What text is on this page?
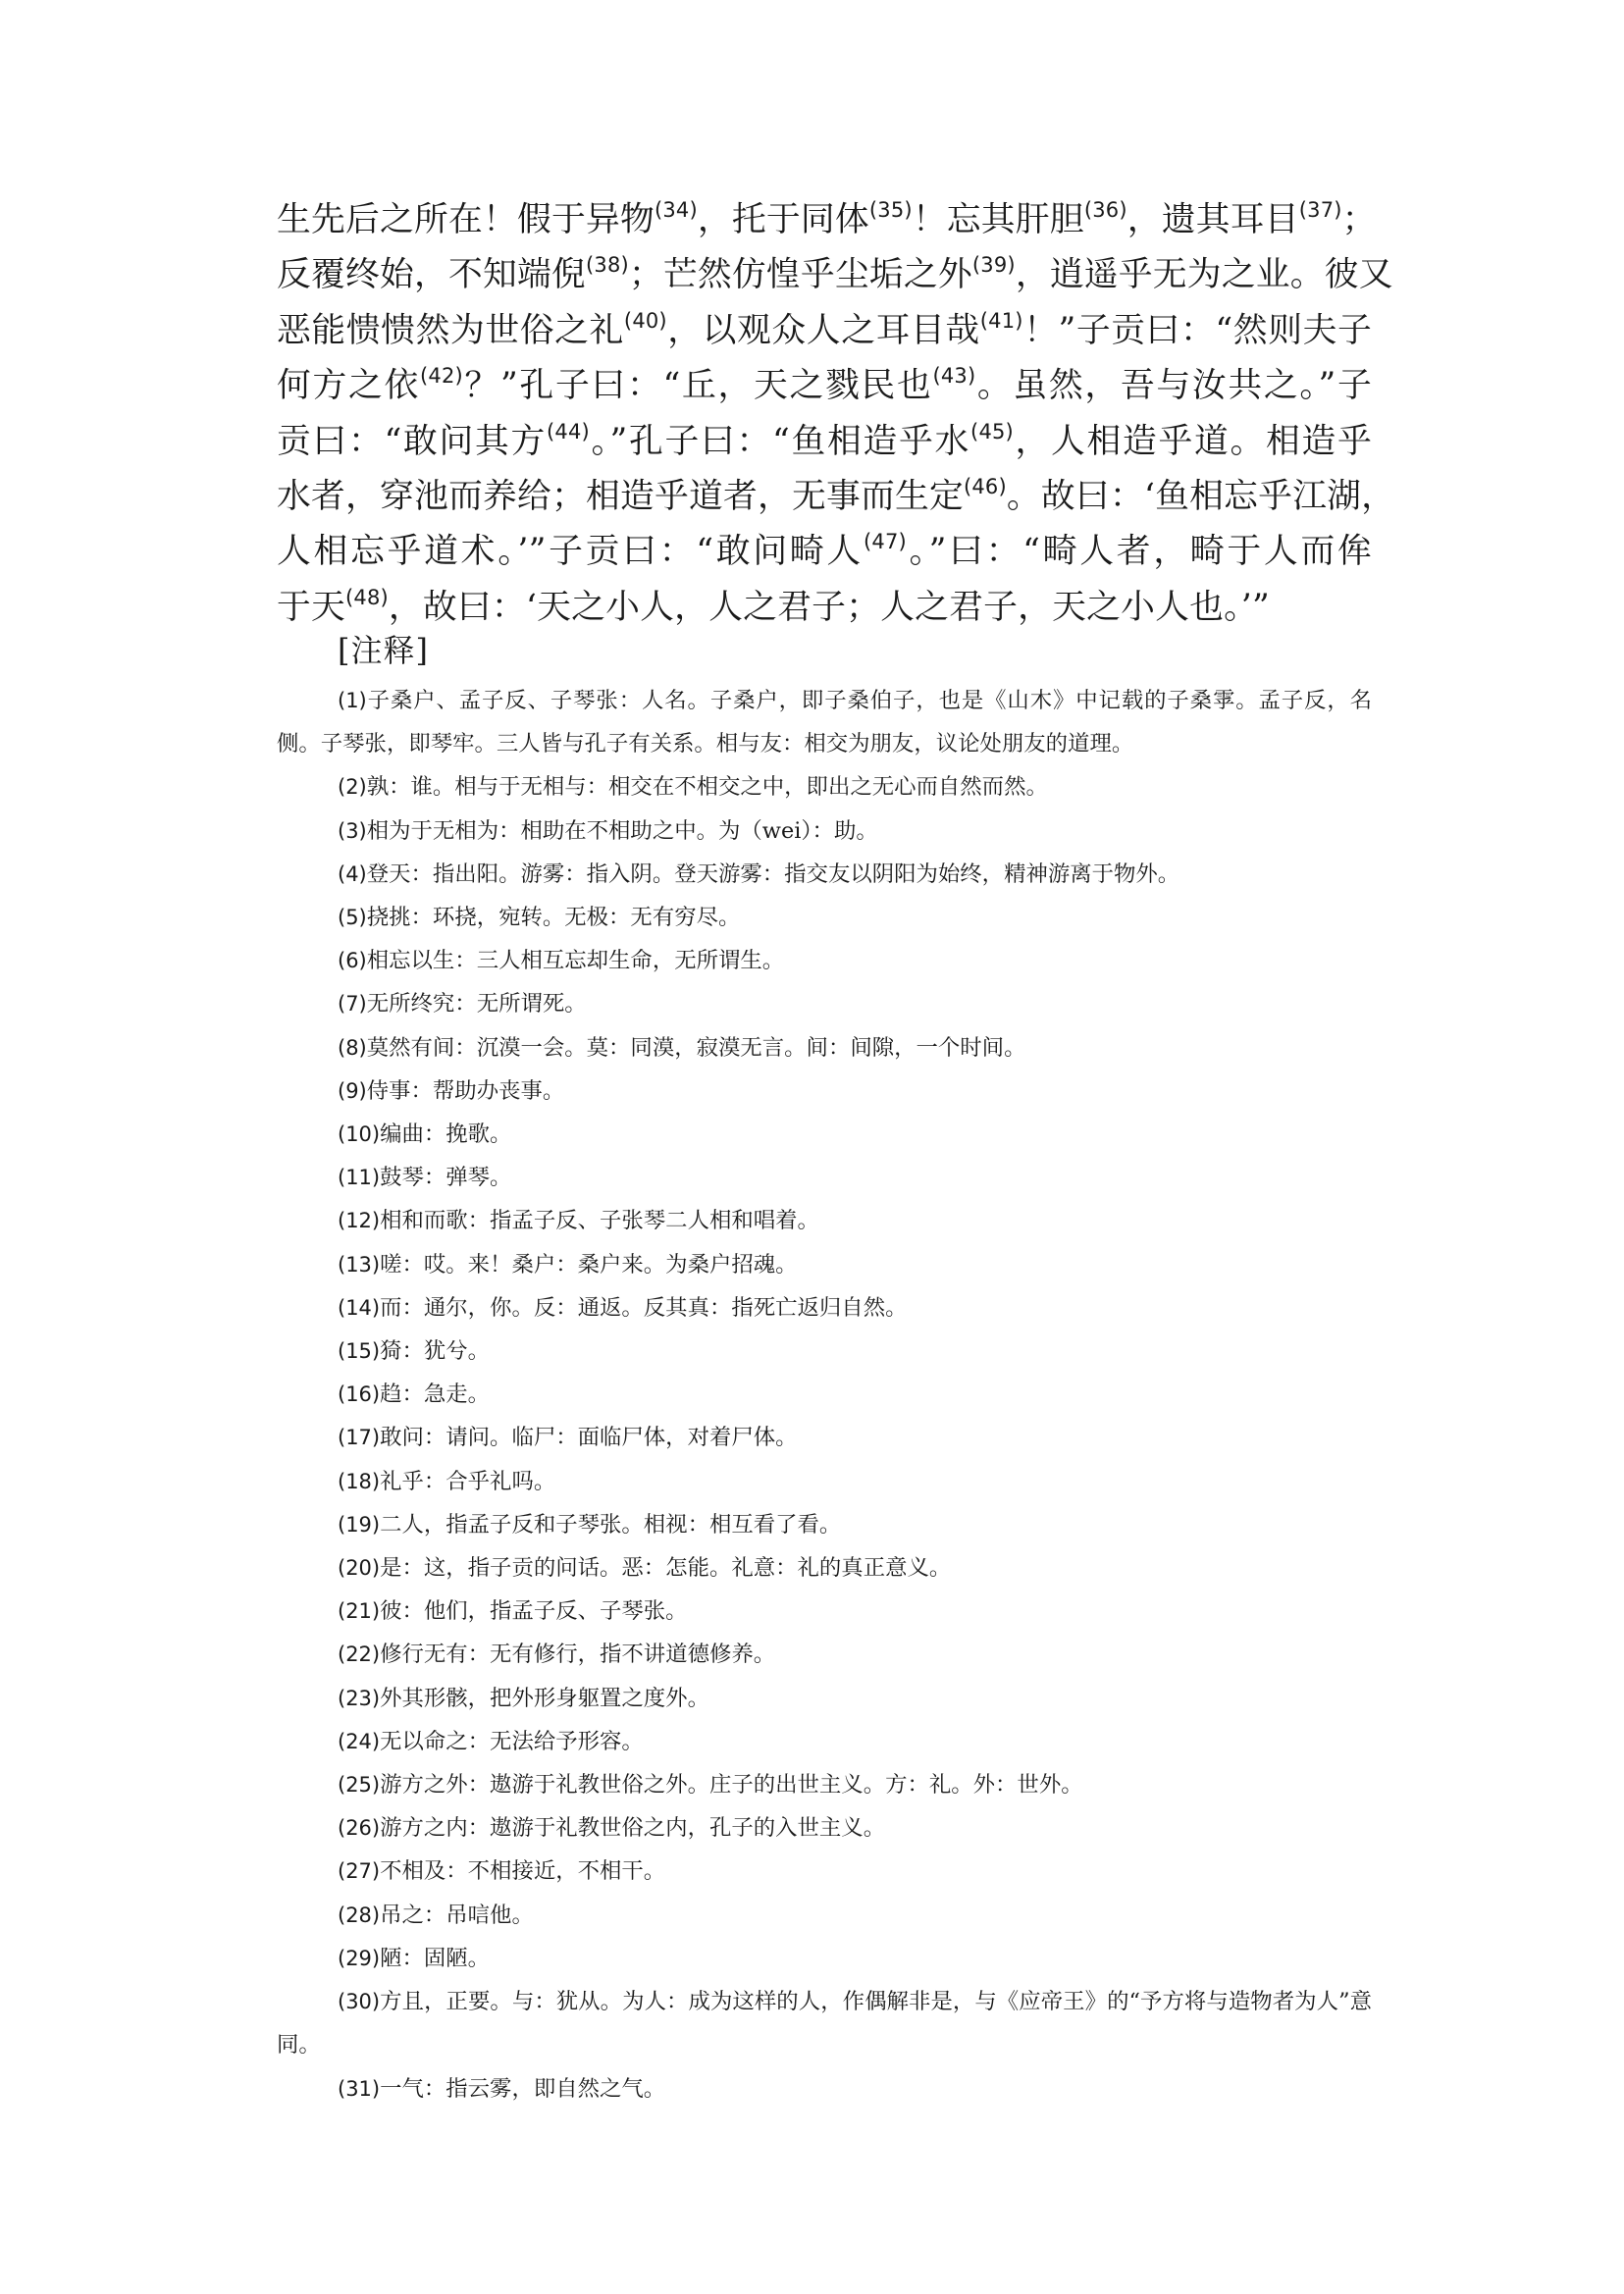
生先后之所在！假于异物$^{(34)}$，托于同体$^{(35)}$！忘其肝胆$^{(36)}$，遗其耳目$^{(37)}$；
反覆终始，不知端倪$^{(38)}$；芒然仿惶乎尘垢之外$^{(39)}$，逍遥乎无为之业。彼又
恶能愦愦然为世俗之礼$^{(40)}$，以观众人之耳目哉$^{(41)}$！”子贡曰：“然则夫子
何方之依$^{(42)}$？”孔子曰：“丘，天之戮民也$^{(43)}$。虽然，吾与汝共之。”子
贡曰：“敢问其方$^{(44)}$。”孔子曰：“鱼相造乎水$^{(45)}$，人相造乎道。相造乎
水者，穿池而养给；相造乎道者，无事而生定$^{(46)}$。故曰：‘鱼相忘乎江湖，
人相忘乎道术。’”子贡曰：“敢问畸人$^{(47)}$。”曰：“畸人者，畸于人而侔
于天$^{(48)}$，故曰：‘天之小人，人之君子；人之君子，天之小人也。’”
[注释]
(1)子桑户、孟子反、子琴张：人名。子桑户，即子桑伯子，也是《山木》中记载的子桑雽。孟子反，名侧。子琴张，即琴牢。三人皆与孔子有关系。相与友：相交为朋友，议论处朋友的道理。
(2)孰：谁。相与于无相与：相交在不相交之中，即出之无心而自然而然。
(3)相为于无相为：相助在不相助之中。为（wei）：助。
(4)登天：指出阳。游雾：指入阴。登天游雾：指交友以阴阳为始终，精神游离于物外。
(5)挠挑：环挠，宛转。无极：无有穷尽。
(6)相忘以生：三人相互忘却生命，无所谓生。
(7)无所终究：无所谓死。
(8)莫然有间：沉漠一会。莫：同漠，寂漠无言。间：间隙，一个时间。
(9)侍事：帮助办丧事。
(10)编曲：挽歌。
(11)鼓琴：弹琴。
(12)相和而歌：指孟子反、子张琴二人相和唱着。
(13)嗟：哎。来！桑户：桑户来。为桑户招魂。
(14)而：通尔，你。反：通返。反其真：指死亡返归自然。
(15)猗：犹兮。
(16)趋：急走。
(17)敢问：请问。临尸：面临尸体，对着尸体。
(18)礼乎：合乎礼吗。
(19)二人，指孟子反和子琴张。相视：相互看了看。
(20)是：这，指子贡的问话。恶：怎能。礼意：礼的真正意义。
(21)彼：他们，指孟子反、子琴张。
(22)修行无有：无有修行，指不讲道德修养。
(23)外其形骸，把外形身躯置之度外。
(24)无以命之：无法给予形容。
(25)游方之外：遨游于礼教世俗之外。庄子的出世主义。方：礼。外：世外。
(26)游方之内：遨游于礼教世俗之内，孔子的入世主义。
(27)不相及：不相接近，不相干。
(28)吊之：吊唁他。
(29)陋：固陋。
(30)方且，正要。与：犹从。为人：成为这样的人，作偶解非是，与《应帝王》的“予方将与造物者为人”意同。
(31)一气：指云雾，即自然之气。
